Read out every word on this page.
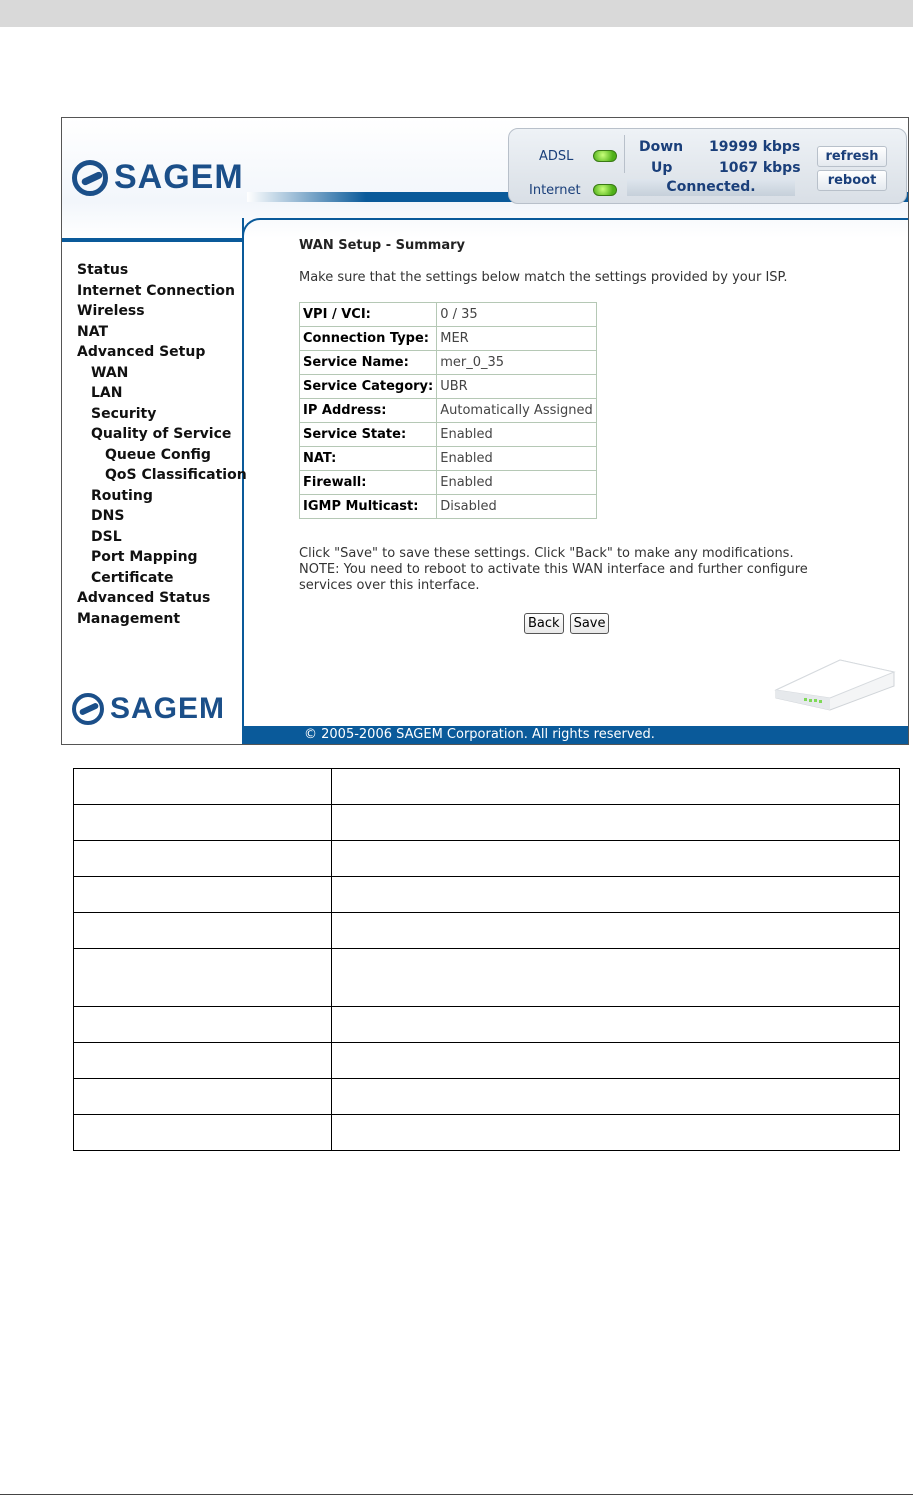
SAGEM
ADSL
Internet
Down	19999 kbps
Up	1067 kbps
Connected.
refresh
reboot
Status
Internet Connection
Wireless
NAT
Advanced Setup
WAN
LAN
Security
Quality of Service
Queue Config
QoS Classification
Routing
DNS
DSL
Port Mapping
Certificate
Advanced Status
Management
SAGEM
WAN Setup - Summary
Make sure that the settings below match the settings provided by your ISP.
VPI / VCI:	0 / 35
Connection Type:	MER
Service Name:	mer_0_35
Service Category:	UBR
IP Address:	Automatically Assigned
Service State:	Enabled
NAT:	Enabled
Firewall:	Enabled
IGMP Multicast:	Disabled
Click "Save" to save these settings. Click "Back" to make any modifications.
NOTE: You need to reboot to activate this WAN interface and further configure services over this interface.
Back	Save
© 2005-2006 SAGEM Corporation. All rights reserved.
